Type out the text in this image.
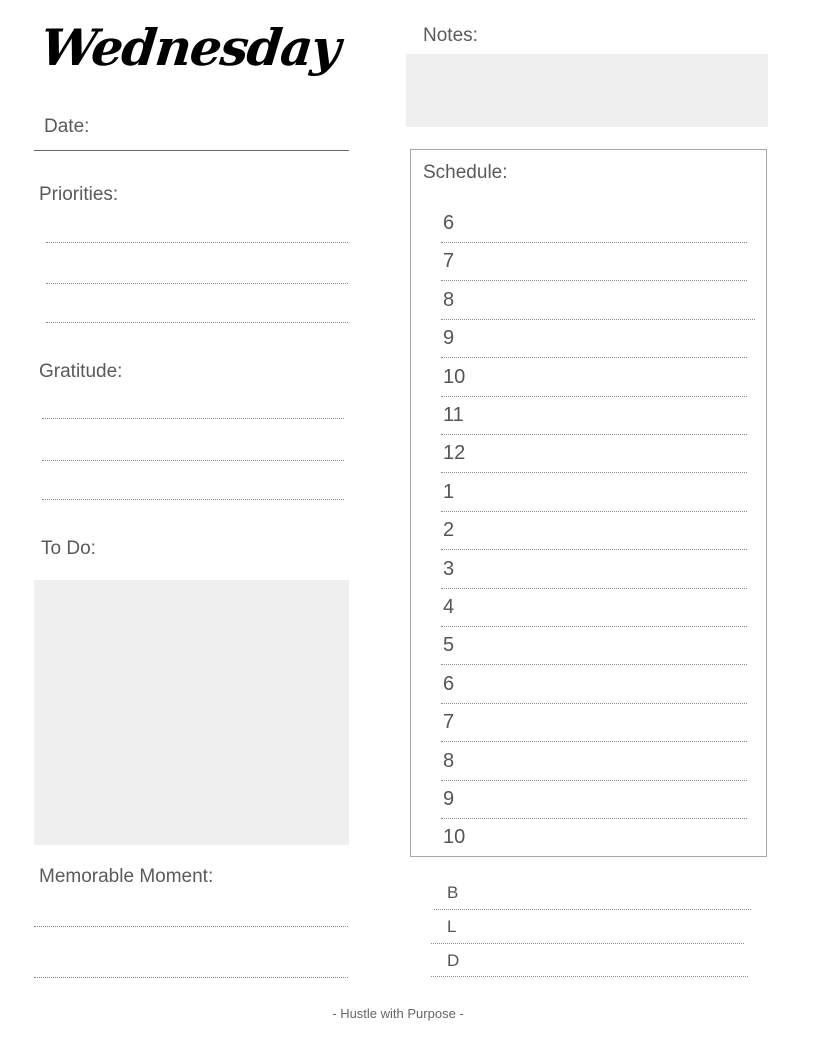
Wednesday	Notes:
Date:
Priorities:
Gratitude:
To Do:
Memorable Moment:
Schedule:
6
7
8
9
10
11
12
1
2
3
4
5
6
7
8
9
10
B
L
D
- Hustle with Purpose -
